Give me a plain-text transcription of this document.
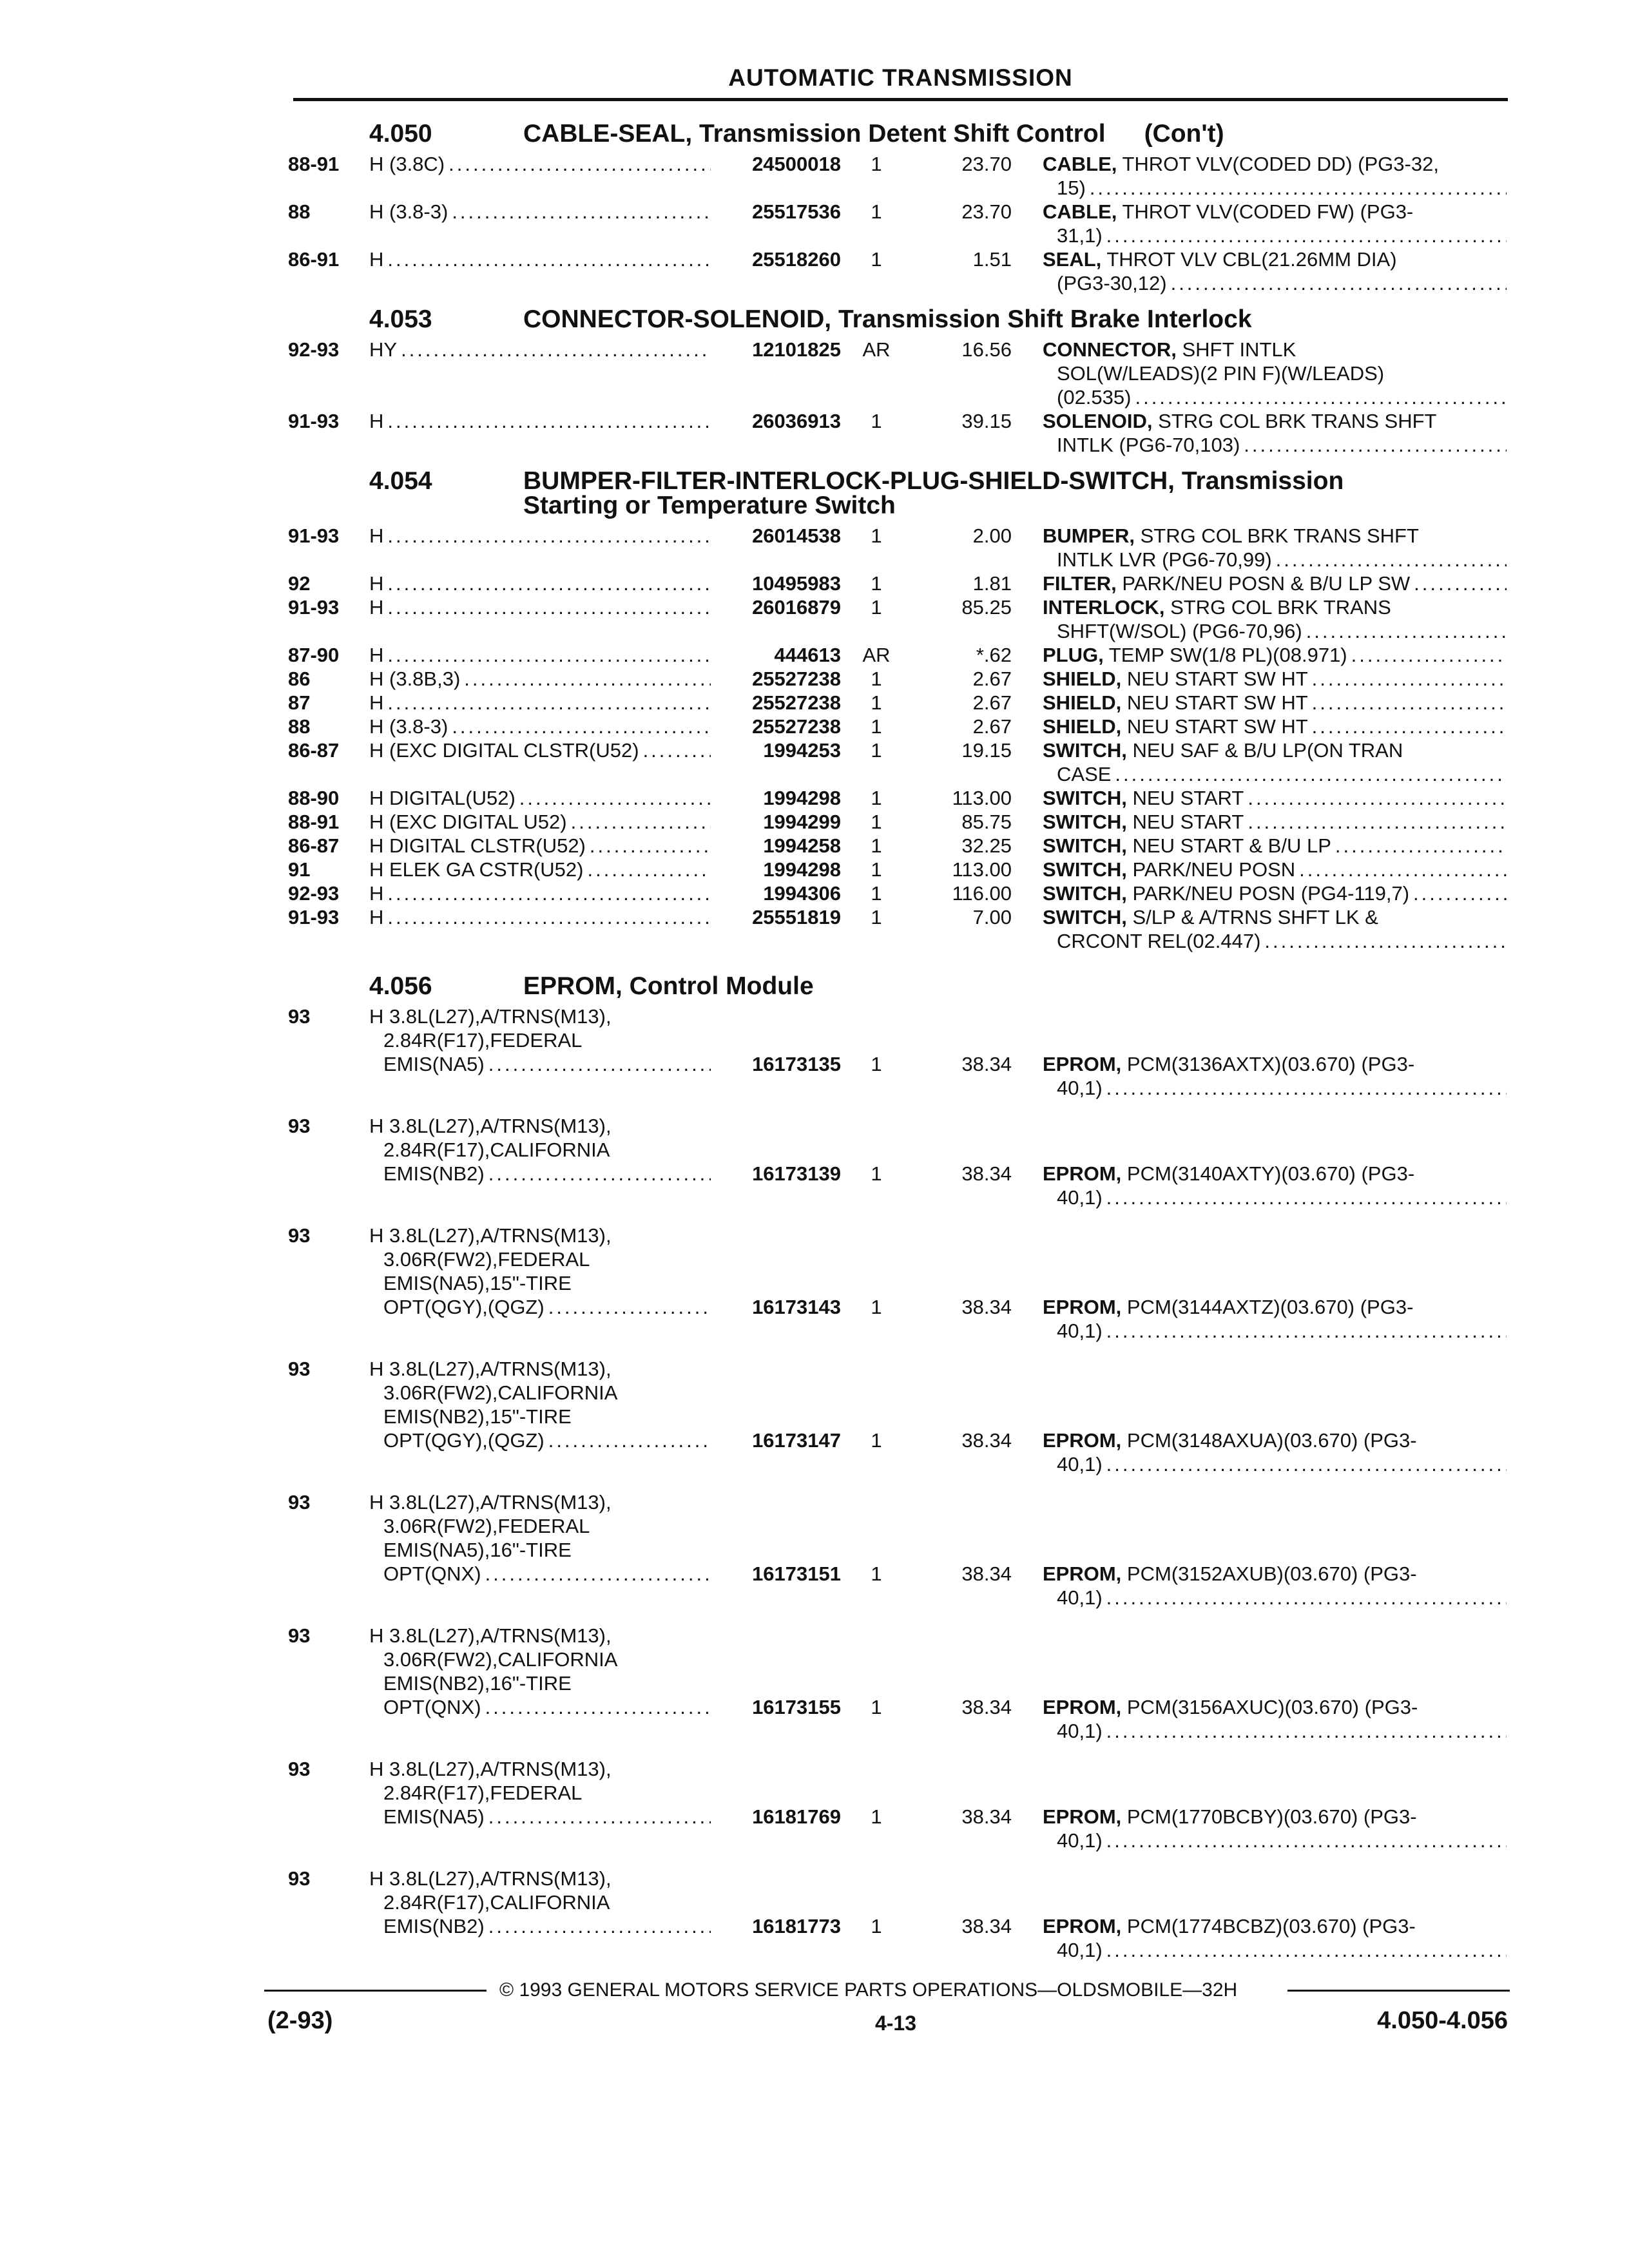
AUTOMATIC TRANSMISSION
4.050	CABLE-SEAL, Transmission Detent Shift Control (Con't)
88-91 H (3.8C) .....	24500018	1	23.70 CABLE, THROT VLV(CODED DD) (PG3-32,
15)
.....
88	H (3.8-3) .....	25517536	1	23.70 CABLE, THROT VLV(CODED FW) (PG3-
31,1)
.....
86-91 H .....	25518260	1	1.51 SEAL, THROT VLV CBL(21.26MM DIA)
(PG3-30,12)
.....
4.053	CONNECTOR-SOLENOID, Transmission Shift Brake Interlock
92-93 HY .....	12101825	AR	16.56 CONNECTOR, SHFT INTLK
SOL(W/LEADS)(2 PIN F)(W/LEADS)
(02.535)
.....
91-93 H .....	26036913	1	39.15 SOLENOID, STRG COL BRK TRANS SHFT
INTLK (PG6-70,103)
.....
4.054	BUMPER-FILTER-INTERLOCK-PLUG-SHIELD-SWITCH, Transmission
Starting or Temperature Switch
91-93 H .....	26014538	1	2.00 BUMPER, STRG COL BRK TRANS SHFT
INTLK LVR (PG6-70,99)
.....
92	H .....	10495983	1	1.81 FILTER, PARK/NEU POSN & B/U LP SW
.....
91-93 H .....	26016879	1	85.25 INTERLOCK, STRG COL BRK TRANS
SHFT(W/SOL) (PG6-70,96)
.....
87-90 H .....	444613	AR	*.62 PLUG, TEMP SW(1/8 PL)(08.971)
.....
86	H (3.8B,3) .....	25527238	1	2.67 SHIELD, NEU START SW HT
.....
87	H .....	25527238	1	2.67 SHIELD, NEU START SW HT
.....
88	H (3.8-3) .....	25527238	1	2.67 SHIELD, NEU START SW HT
.....
86-87 H (EXC DIGITAL CLSTR(U52) .....	1994253	1	19.15 SWITCH, NEU SAF & B/U LP(ON TRAN
CASE
.....
88-90 H DIGITAL(U52) .....	1994298	1	113.00 SWITCH, NEU START
.....
88-91 H (EXC DIGITAL U52) .....	1994299	1	85.75 SWITCH, NEU START
.....
86-87 H DIGITAL CLSTR(U52) .....	1994258	1	32.25 SWITCH, NEU START & B/U LP
.....
91	H ELEK GA CSTR(U52) .....	1994298	1	113.00 SWITCH, PARK/NEU POSN
.....
92-93 H .....	1994306	1	116.00 SWITCH, PARK/NEU POSN (PG4-119,7)
.....
91-93 H .....	25551819	1	7.00 SWITCH, S/LP & A/TRNS SHFT LK &
CRCONT REL(02.447)
.....
4.056	EPROM, Control Module
93	H 3.8L(L27),A/TRNS(M13),
2.84R(F17),FEDERAL
EMIS(NA5) .....	16173135	1	38.34 EPROM, PCM(3136AXTX)(03.670) (PG3-
40,1)
.....
93	H 3.8L(L27),A/TRNS(M13),
2.84R(F17),CALIFORNIA
EMIS(NB2) .....	16173139	1	38.34 EPROM, PCM(3140AXTY)(03.670) (PG3-
40,1)
.....
93	H 3.8L(L27),A/TRNS(M13),
3.06R(FW2),FEDERAL
EMIS(NA5),15"-TIRE
OPT(QGY),(QGZ) .....	16173143	1	38.34 EPROM, PCM(3144AXTZ)(03.670) (PG3-
40,1)
.....
93	H 3.8L(L27),A/TRNS(M13),
3.06R(FW2),CALIFORNIA
EMIS(NB2),15"-TIRE
OPT(QGY),(QGZ) .....	16173147	1	38.34 EPROM, PCM(3148AXUA)(03.670) (PG3-
40,1)
.....
93	H 3.8L(L27),A/TRNS(M13),
3.06R(FW2),FEDERAL
EMIS(NA5),16"-TIRE
OPT(QNX) .....	16173151	1	38.34 EPROM, PCM(3152AXUB)(03.670) (PG3-
40,1)
.....
93	H 3.8L(L27),A/TRNS(M13),
3.06R(FW2),CALIFORNIA
EMIS(NB2),16"-TIRE
OPT(QNX) .....	16173155	1	38.34 EPROM, PCM(3156AXUC)(03.670) (PG3-
40,1)
.....
93	H 3.8L(L27),A/TRNS(M13),
2.84R(F17),FEDERAL
EMIS(NA5) .....	16181769	1	38.34 EPROM, PCM(1770BCBY)(03.670) (PG3-
40,1)
.....
93	H 3.8L(L27),A/TRNS(M13),
2.84R(F17),CALIFORNIA
EMIS(NB2) .....	16181773	1	38.34 EPROM, PCM(1774BCBZ)(03.670) (PG3-
40,1)
.....
© 1993 GENERAL MOTORS SERVICE PARTS OPERATIONS—OLDSMOBILE—32H
(2-93)	4-13	4.050-4.056
